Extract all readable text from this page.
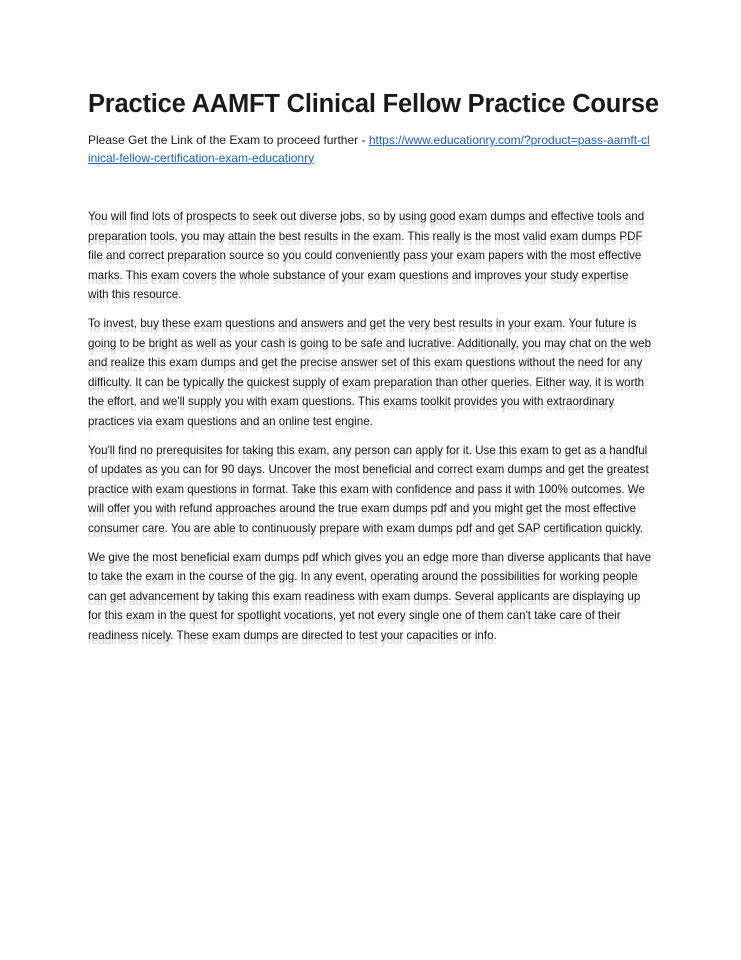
Practice AAMFT Clinical Fellow Practice Course

Please Get the Link of the Exam to proceed further - https://www.educationry.com/?product=pass-aamft-clinical-fellow-certification-exam-educationry

You will find lots of prospects to seek out diverse jobs, so by using good exam dumps and effective tools and preparation tools, you may attain the best results in the exam. This really is the most valid exam dumps PDF file and correct preparation source so you could conveniently pass your exam papers with the most effective marks. This exam covers the whole substance of your exam questions and improves your study expertise with this resource.

To invest, buy these exam questions and answers and get the very best results in your exam. Your future is going to be bright as well as your cash is going to be safe and lucrative. Additionally, you may chat on the web and realize this exam dumps and get the precise answer set of this exam questions without the need for any difficulty. It can be typically the quickest supply of exam preparation than other queries. Either way, it is worth the effort, and we'll supply you with exam questions. This exams toolkit provides you with extraordinary practices via exam questions and an online test engine.

You'll find no prerequisites for taking this exam, any person can apply for it. Use this exam to get as a handful of updates as you can for 90 days. Uncover the most beneficial and correct exam dumps and get the greatest practice with exam questions in format. Take this exam with confidence and pass it with 100% outcomes. We will offer you with refund approaches around the true exam dumps pdf and you might get the most effective consumer care. You are able to continuously prepare with exam dumps pdf and get SAP certification quickly.

We give the most beneficial exam dumps pdf which gives you an edge more than diverse applicants that have to take the exam in the course of the gig. In any event, operating around the possibilities for working people can get advancement by taking this exam readiness with exam dumps. Several applicants are displaying up for this exam in the quest for spotlight vocations, yet not every single one of them can't take care of their readiness nicely. These exam dumps are directed to test your capacities or info.
